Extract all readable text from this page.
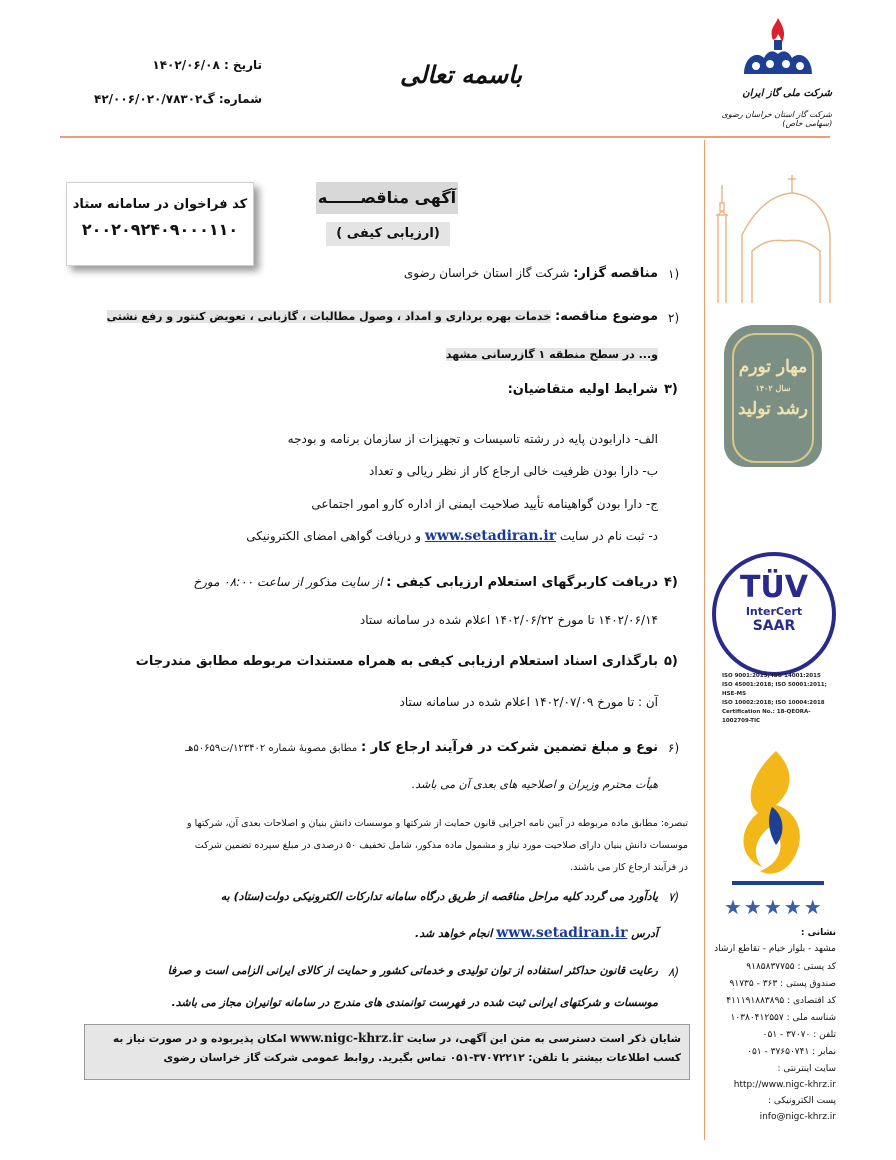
تاریخ : ۱۴۰۲/۰۶/۰۸
شماره: گ۴۲/۰۰۶/۰۲۰/۷۸۳۰۲
باسمه تعالی
شرکت ملی گاز ایران
شرکت گاز استان خراسان رضوی (سهامی خاص)
مهار تورم
سال ۱۴۰۲
رشد تولید
TÜV
InterCert
SAAR
ISO 9001:2015; ISO 14001:2015
ISO 45001:2018; ISO 50001:2011; HSE-MS
ISO 10002:2018; ISO 10004:2018
Certification No.: 18-QEORA-1002709-TIC
★★★★★
نشانی :
مشهد - بلوار خیام - تقاطع ارشاد
کد پستی : ۹۱۸۵۸۳۷۷۵۵
صندوق پستی : ۳۶۳ - ۹۱۷۳۵
کد اقتصادی : ۴۱۱۱۹۱۸۸۳۸۹۵
شناسه ملی : ۱۰۳۸۰۴۱۲۵۵۷
تلفن : ۳۷۰۷۰ - ۰۵۱
نمابر : ۳۷۶۵۰۷۴۱ - ۰۵۱
سایت اینترنتی :
http://www.nigc-khrz.ir
پست الکترونیکی :
info@nigc-khrz.ir
کد فراخوان در سامانه ستاد
۲۰۰۲۰۹۲۴۰۹۰۰۰۱۱۰
آگهی مناقصــــــه
( ارزیابی کیفی)
۱)
۲)
۳)
۴)
۵)
۶)
۷)
۸)
مناقصه گزار: شرکت گاز استان خراسان رضوی
موضوع مناقصه: خدمات بهره برداری و امداد ، وصول مطالبات ، گازبانی ، تعویض کنتور و رفع نشتی
و... در سطح منطقه ۱ گازرسانی مشهد
شرایط اولیه متقاضیان:
الف- دارابودن پایه در رشته تاسیسات و تجهیزات از سازمان برنامه و بودجه
ب- دارا بودن ظرفیت خالی ارجاع کار از نظر ریالی و تعداد
ج- دارا بودن گواهینامه تأیید صلاحیت ایمنی از اداره کارو امور اجتماعی
د- ثبت نام در سایت www.setadiran.ir و دریافت گواهی امضای الکترونیکی
دریافت کاربرگهای استعلام ارزیابی کیفی : از سایت مذکور از ساعت ۰۸:۰۰ مورخ
۱۴۰۲/۰۶/۱۴ تا مورخ ۱۴۰۲/۰۶/۲۲ اعلام شده در سامانه ستاد
بارگذاری اسناد استعلام ارزیابی کیفی به همراه مستندات مربوطه مطابق مندرجات
آن : تا مورخ ۱۴۰۲/۰۷/۰۹ اعلام شده در سامانه ستاد
نوع و مبلغ تضمین شرکت در فرآیند ارجاع کار : مطابق مصوبهٔ شماره ۱۲۳۴۰۲/ت۵۰۶۵۹هـ
هیأت محترم وزیران و اصلاحیه های بعدی آن می باشد.
تبصره: مطابق ماده مربوطه در آیین نامه اجرایی قانون حمایت از شرکتها و موسسات دانش بنیان و اصلاحات بعدی آن، شرکتها و
موسسات دانش بنیان دارای صلاحیت مورد نیاز و مشمول ماده مذکور، شامل تخفیف ۵۰ درصدی در مبلغ سپرده تضمین شرکت
در فرآیند ارجاع کار می باشند.
یادآورد می گردد کلیه مراحل مناقصه از طریق درگاه سامانه تدارکات الکترونیکی دولت(ستاد) به
آدرس www.setadiran.ir انجام خواهد شد.
رعایت قانون حداکثر استفاده از توان تولیدی و خدماتی کشور و حمایت از کالای ایرانی الزامی است و صرفا
موسسات و شرکتهای ایرانی ثبت شده در فهرست توانمندی های مندرج در سامانه توانیران مجاز می باشد.
شایان ذکر است دسترسی به متن این آگهی، در سایت www.nigc-khrz.ir امکان پذیربوده و در صورت نیاز به
کسب اطلاعات بیشتر با تلفن: ۳۷۰۷۲۲۱۲-۰۵۱ تماس بگیرید. روابط عمومی شرکت گاز خراسان رضوی
